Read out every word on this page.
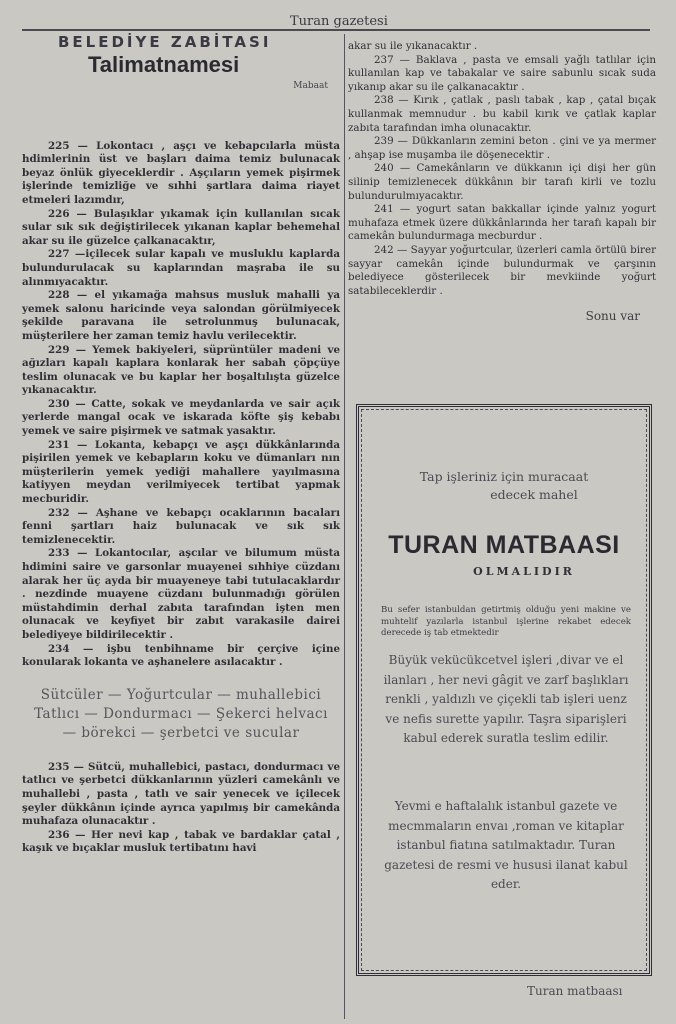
Turan gazetesi
BELEDİYE ZABİTASI
Talimatnamesi
Mabaat

225 — Lokontacı , aşçı ve kebapcılarla müsta hdimlerinin üst ve başları daima temiz bulunacak beyaz önlük giyeceklerdir . Aşçıların yemek pişirmek işlerinde temizliğe ve sıhhi şartlara daima riayet etmeleri lazımdır,

226 — Bulaşıklar yıkamak için kullanılan sıcak sular sık sık değiştirilecek yıkanan kaplar behemehal akar su ile güzelce çalkanacaktır,

227 —içilecek sular kapalı ve musluklu kaplarda bulundurulacak su kaplarından maşraba ile su alınmıyacaktır.

228 — el yıkamağa mahsus musluk mahalli ya yemek salonu haricinde veya salondan görülmiyecek şekilde paravana ile setrolunmuş bulunacak, müşterilere her zaman temiz havlu verilecektir.

229 — Yemek bakiyeleri, süprüntüler madeni ve ağızları kapalı kaplara konlarak her sabah çöpçüye teslim olunacak ve bu kaplar her boşaltılışta güzelce yıkanacaktır.

230 — Catte, sokak ve meydanlarda ve sair açık yerlerde mangal ocak ve iskarada köfte şiş kebabı yemek ve saire pişirmek ve satmak yasaktır.

231 — Lokanta, kebapçı ve aşçı dükkânlarında pişirilen yemek ve kebapların koku ve dümanları nın müşterilerin yemek yediği mahallere yayılmasına katiyyen meydan verilmiyecek tertibat yapmak mecburidir.

232 — Aşhane ve kebapçı ocaklarının bacaları fenni şartları haiz bulunacak ve sık sık temizlenecektir.

233 — Lokantocılar, aşcılar ve bilumum müsta hdimini saire ve garsonlar muayenei sıhhiye cüzdanı alarak her üç ayda bir muayeneye tabi tutulacaklardır . nezdinde muayene cüzdanı bulunmadığı görülen müstahdimin derhal zabıta tarafından işten men olunacak ve keyfiyet bir zabıt varakasile dairei belediyeye bildirilecektir .

234 — işbu tenbihname bir çerçive içine konularak lokanta ve aşhanelere asılacaktır .

Sütcüler — Yoğurtcular — muhallebici Tatlıcı — Dondurmacı — Şekerci helvacı — börekci — şerbetci ve sucular

235 — Sütcü, muhallebici, pastacı, dondurmacı ve tatlıcı ve şerbetci dükkanlarının yüzleri camekânlı ve muhallebi , pasta , tatlı ve sair yenecek ve içilecek şeyler dükkânın içinde ayrıca yapılmış bir camekânda muhafaza olunacaktır .

236 — Her nevi kap , tabak ve bardaklar çatal , kaşık ve bıçaklar musluk tertibatını havi

akar su ile yıkanacaktır .

237 — Baklava , pasta ve emsali yağlı tatlılar için kullanılan kap ve tabakalar ve saire sabunlu sıcak suda yıkanıp akar su ile çalkanacaktır .

238 — Kırık , çatlak , paslı tabak , kap , çatal bıçak kullanmak memnudur . bu kabil kırık ve çatlak kaplar zabıta tarafından imha olunacaktır.

239 — Dükkanların zemini beton . çini ve ya mermer , ahşap ise muşamba ile döşenecektir .

240 — Camekânların ve dükkanın içi dişi her gün silinip temizlenecek dükkânın bir tarafı kirli ve tozlu bulundurulmıyacaktır.

241 — yogurt satan bakkallar içinde yalnız yogurt muhafaza etmek üzere dükkânlarında her tarafı kapalı bir camekân bulundurmaga mecburdur .

242 — Sayyar yoğurtcular, üzerleri camla örtülü birer sayyar camekân içinde bulundurmak ve çarşının belediyece gösterilecek bir mevkiinde yoğurt satabileceklerdir .

Sonu var
Tap işleriniz için muracaat
edecek mahel
TURAN MATBAASI
OLMALIDIR
Bu sefer istanbuldan getirtmiş olduğu yeni makine ve muhtelif yazılarla istanbul işlerine rekabet edecek derecede iş tab etmektedir
Büyük vekücükcetvel işleri ,divar ve el ilanları , her nevi gâgit ve zarf başlıkları renkli , yaldızlı ve çiçekli tab işleri uenz ve nefis surette yapılır. Taşra siparişleri kabul ederek suratla teslim edilir.
Yevmi e haftalalık istanbul gazete ve mecmmaların envaı ,roman ve kitaplar istanbul fiatına satılmaktadır. Turan gazetesi de resmi ve hususi ilanat kabul eder.
Turan matbaası
